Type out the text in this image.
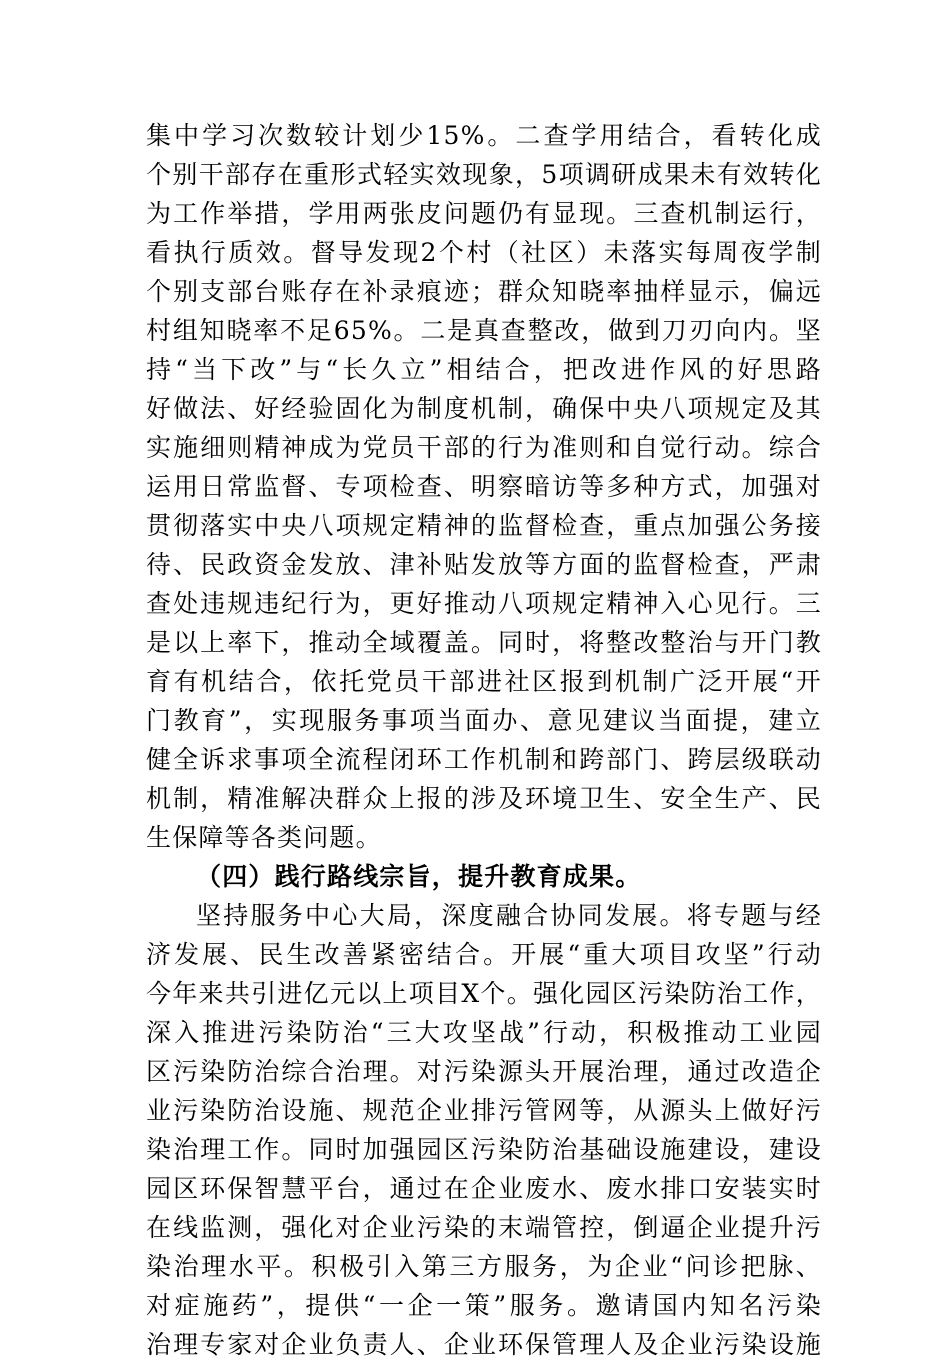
集中学习次数较计划少15%。二查学用结合，看转化成
个别干部存在重形式轻实效现象，5项调研成果未有效转化
为工作举措，学用两张皮问题仍有显现。三查机制运行，
看执行质效。督导发现2个村（社区）未落实每周夜学制
个别支部台账存在补录痕迹；群众知晓率抽样显示，偏远
村组知晓率不足65%。二是真查整改，做到刀刃向内。坚
持“当下改”与“长久立”相结合，把改进作风的好思路
好做法、好经验固化为制度机制，确保中央八项规定及其
实施细则精神成为党员干部的行为准则和自觉行动。综合
运用日常监督、专项检查、明察暗访等多种方式，加强对
贯彻落实中央八项规定精神的监督检查，重点加强公务接
待、民政资金发放、津补贴发放等方面的监督检查，严肃
查处违规违纪行为，更好推动八项规定精神入心见行。三
是以上率下，推动全域覆盖。同时，将整改整治与开门教
育有机结合，依托党员干部进社区报到机制广泛开展“开
门教育”，实现服务事项当面办、意见建议当面提，建立
健全诉求事项全流程闭环工作机制和跨部门、跨层级联动
机制，精准解决群众上报的涉及环境卫生、安全生产、民
生保障等各类问题。
（四）践行路线宗旨，提升教育成果。
坚持服务中心大局，深度融合协同发展。将专题与经
济发展、民生改善紧密结合。开展“重大项目攻坚”行动
今年来共引进亿元以上项目X个。强化园区污染防治工作，
深入推进污染防治“三大攻坚战”行动，积极推动工业园
区污染防治综合治理。对污染源头开展治理，通过改造企
业污染防治设施、规范企业排污管网等，从源头上做好污
染治理工作。同时加强园区污染防治基础设施建设，建设
园区环保智慧平台，通过在企业废水、废水排口安装实时
在线监测，强化对企业污染的末端管控，倒逼企业提升污
染治理水平。积极引入第三方服务，为企业“问诊把脉、
对症施药”，提供“一企一策”服务。邀请国内知名污染
治理专家对企业负责人、企业环保管理人及企业污染设施
